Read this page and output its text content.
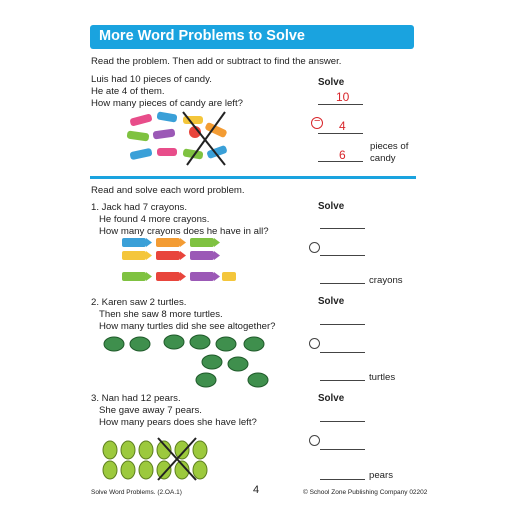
More Word Problems to Solve
Read the problem. Then add or subtract to find the answer.
Luis had 10 pieces of candy.
He ate 4 of them.
How many pieces of candy are left?
Solve
10
− 4
6
pieces of
candy
Read and solve each word problem.
1. Jack had 7 crayons.
He found 4 more crayons.
How many crayons does he have in all?
Solve
crayons
2. Karen saw 2 turtles.
Then she saw 8 more turtles.
How many turtles did she see altogether?
Solve
turtles
3. Nan had 12 pears.
She gave away 7 pears.
How many pears does she have left?
Solve
pears
Solve Word Problems. (2.OA.1)	4	© School Zone Publishing Company 02202
